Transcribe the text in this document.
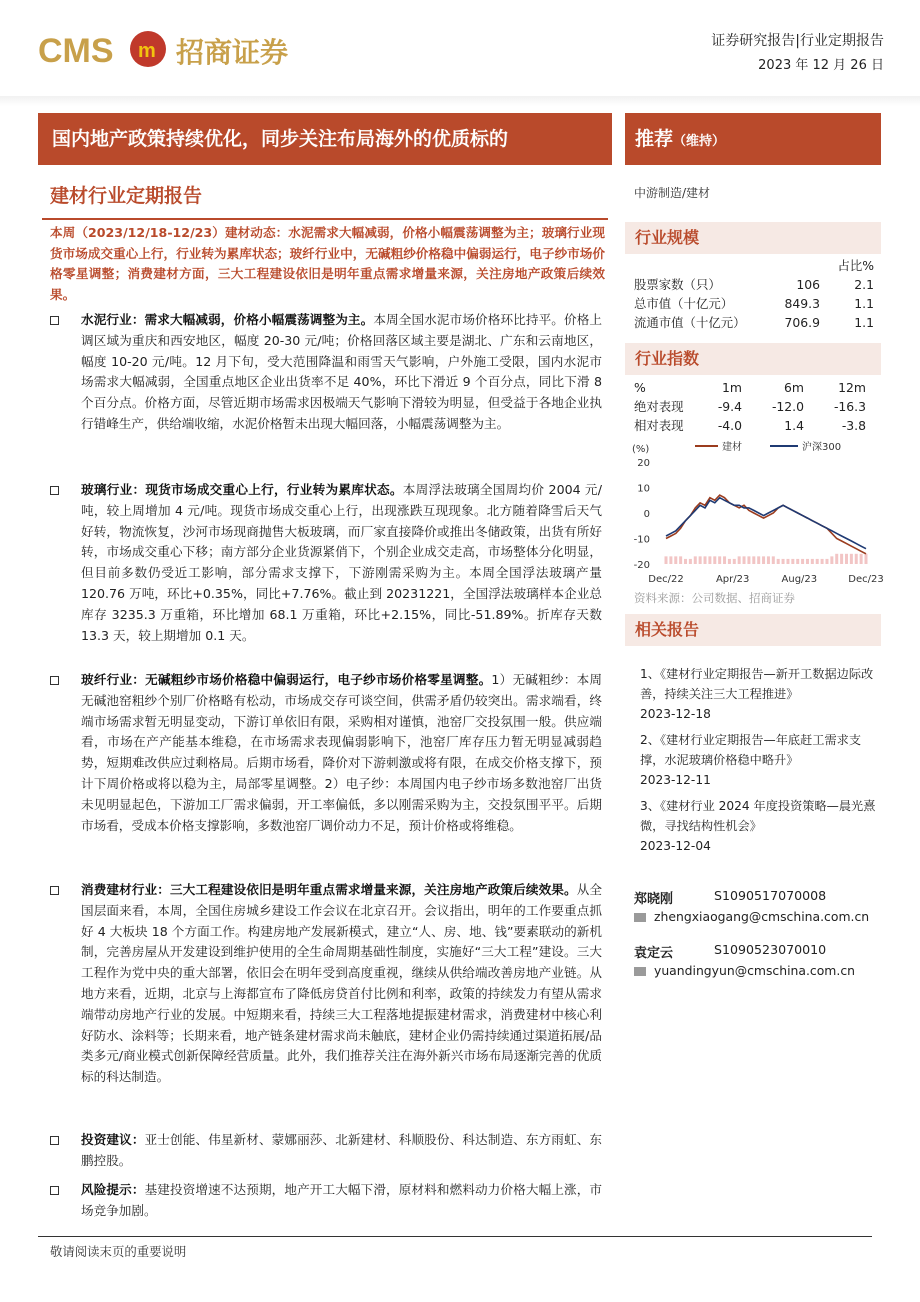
CMS m 招商证券	证券研究报告|行业定期报告
2023 年 12 月 26 日
国内地产政策持续优化，同步关注布局海外的优质标的	推荐（维持）
建材行业定期报告
本周（2023/12/18-12/23）建材动态：水泥需求大幅减弱，价格小幅震荡调整为主；玻璃行业现货市场成交重心上行，行业转为累库状态；玻纤行业中，无碱粗纱价格稳中偏弱运行，电子纱市场价格零星调整；消费建材方面，三大工程建设依旧是明年重点需求增量来源，关注房地产政策后续效果。
水泥行业：需求大幅减弱，价格小幅震荡调整为主。本周全国水泥市场价格环比持平。价格上调区域为重庆和西安地区，幅度 20-30 元/吨；价格回落区域主要是湖北、广东和云南地区，幅度 10-20 元/吨。12 月下旬，受大范围降温和雨雪天气影响，户外施工受限，国内水泥市场需求大幅减弱，全国重点地区企业出货率不足 40%，环比下滑近 9 个百分点，同比下滑 8 个百分点。价格方面，尽管近期市场需求因极端天气影响下滑较为明显，但受益于各地企业执行错峰生产，供给端收缩，水泥价格暂未出现大幅回落，小幅震荡调整为主。
玻璃行业：现货市场成交重心上行，行业转为累库状态。本周浮法玻璃全国周均价 2004 元/吨，较上周增加 4 元/吨。现货市场成交重心上行，出现涨跌互现现象。北方随着降雪后天气好转，物流恢复，沙河市场现商抛售大板玻璃，而厂家直接降价或推出冬储政策，出货有所好转，市场成交重心下移；南方部分企业货源紧俏下，个别企业成交走高，市场整体分化明显，但目前多数仍受近工影响，部分需求支撑下，下游刚需采购为主。本周全国浮法玻璃产量 120.76 万吨，环比+0.35%，同比+7.76%。截止到 20231221，全国浮法玻璃样本企业总库存 3235.3 万重箱，环比增加 68.1 万重箱，环比+2.15%，同比-51.89%。折库存天数 13.3 天，较上期增加 0.1 天。
玻纤行业：无碱粗纱市场价格稳中偏弱运行，电子纱市场价格零星调整。1）无碱粗纱：本周无碱池窑粗纱个别厂价格略有松动，市场成交存可谈空间，供需矛盾仍较突出。需求端看，终端市场需求暂无明显变动，下游订单依旧有限，采购相对谨慎，池窑厂交投氛围一般。供应端看，市场在产产能基本维稳，在市场需求表现偏弱影响下，池窑厂库存压力暂无明显减弱趋势，短期难改供应过剩格局。后期市场看，降价对下游刺激或将有限，在成交价格支撑下，预计下周价格或将以稳为主，局部零星调整。2）电子纱：本周国内电子纱市场多数池窑厂出货未见明显起色，下游加工厂需求偏弱，开工率偏低，多以刚需采购为主，交投氛围平平。后期市场看，受成本价格支撑影响，多数池窑厂调价动力不足，预计价格或将维稳。
消费建材行业：三大工程建设依旧是明年重点需求增量来源，关注房地产政策后续效果。从全国层面来看，本周，全国住房城乡建设工作会议在北京召开。会议指出，明年的工作要重点抓好 4 大板块 18 个方面工作。构建房地产发展新模式，建立“人、房、地、钱”要素联动的新机制，完善房屋从开发建设到维护使用的全生命周期基础性制度，实施好“三大工程”建设。三大工程作为党中央的重大部署，依旧会在明年受到高度重视，继续从供给端改善房地产业链。从地方来看，近期，北京与上海都宣布了降低房贷首付比例和利率，政策的持续发力有望从需求端带动房地产行业的发展。中短期来看，持续三大工程落地提振建材需求，消费建材中核心利好防水、涂料等；长期来看，地产链条建材需求尚未触底，建材企业仍需持续通过渠道拓展/品类多元/商业模式创新保障经营质量。此外，我们推荐关注在海外新兴市场布局逐渐完善的优质标的科达制造。
投资建议：亚士创能、伟星新材、蒙娜丽莎、北新建材、科顺股份、科达制造、东方雨虹、东鹏控股。
风险提示：基建投资增速不达预期，地产开工大幅下滑，原材料和燃料动力价格大幅上涨，市场竞争加剧。
中游制造/建材
行业规模
占比%
股票家数（只）	106	2.1
总市值（十亿元）	849.3	1.1
流通市值（十亿元）	706.9	1.1
行业指数
%	1m	6m	12m
绝对表现	-9.4 -12.0 -16.3
相对表现	-4.0	1.4	-3.8
(%)	建材	沪深300
20
10
0
-10
-20
Dec/22	Apr/23	Aug/23	Dec/23
资料来源：公司数据、招商证券
相关报告
1、《建材行业定期报告—新开工数据边际改善，持续关注三大工程推进》
2023-12-18
2、《建材行业定期报告—年底赶工需求支撑，水泥玻璃价格稳中略升》
2023-12-11
3、《建材行业 2024 年度投资策略—晨光熹微，寻找结构性机会》
2023-12-04
郑晓刚	S1090517070008
zhengxiaogang@cmschina.com.cn
袁定云	S1090523070010
yuandingyun@cmschina.com.cn
敬请阅读末页的重要说明
